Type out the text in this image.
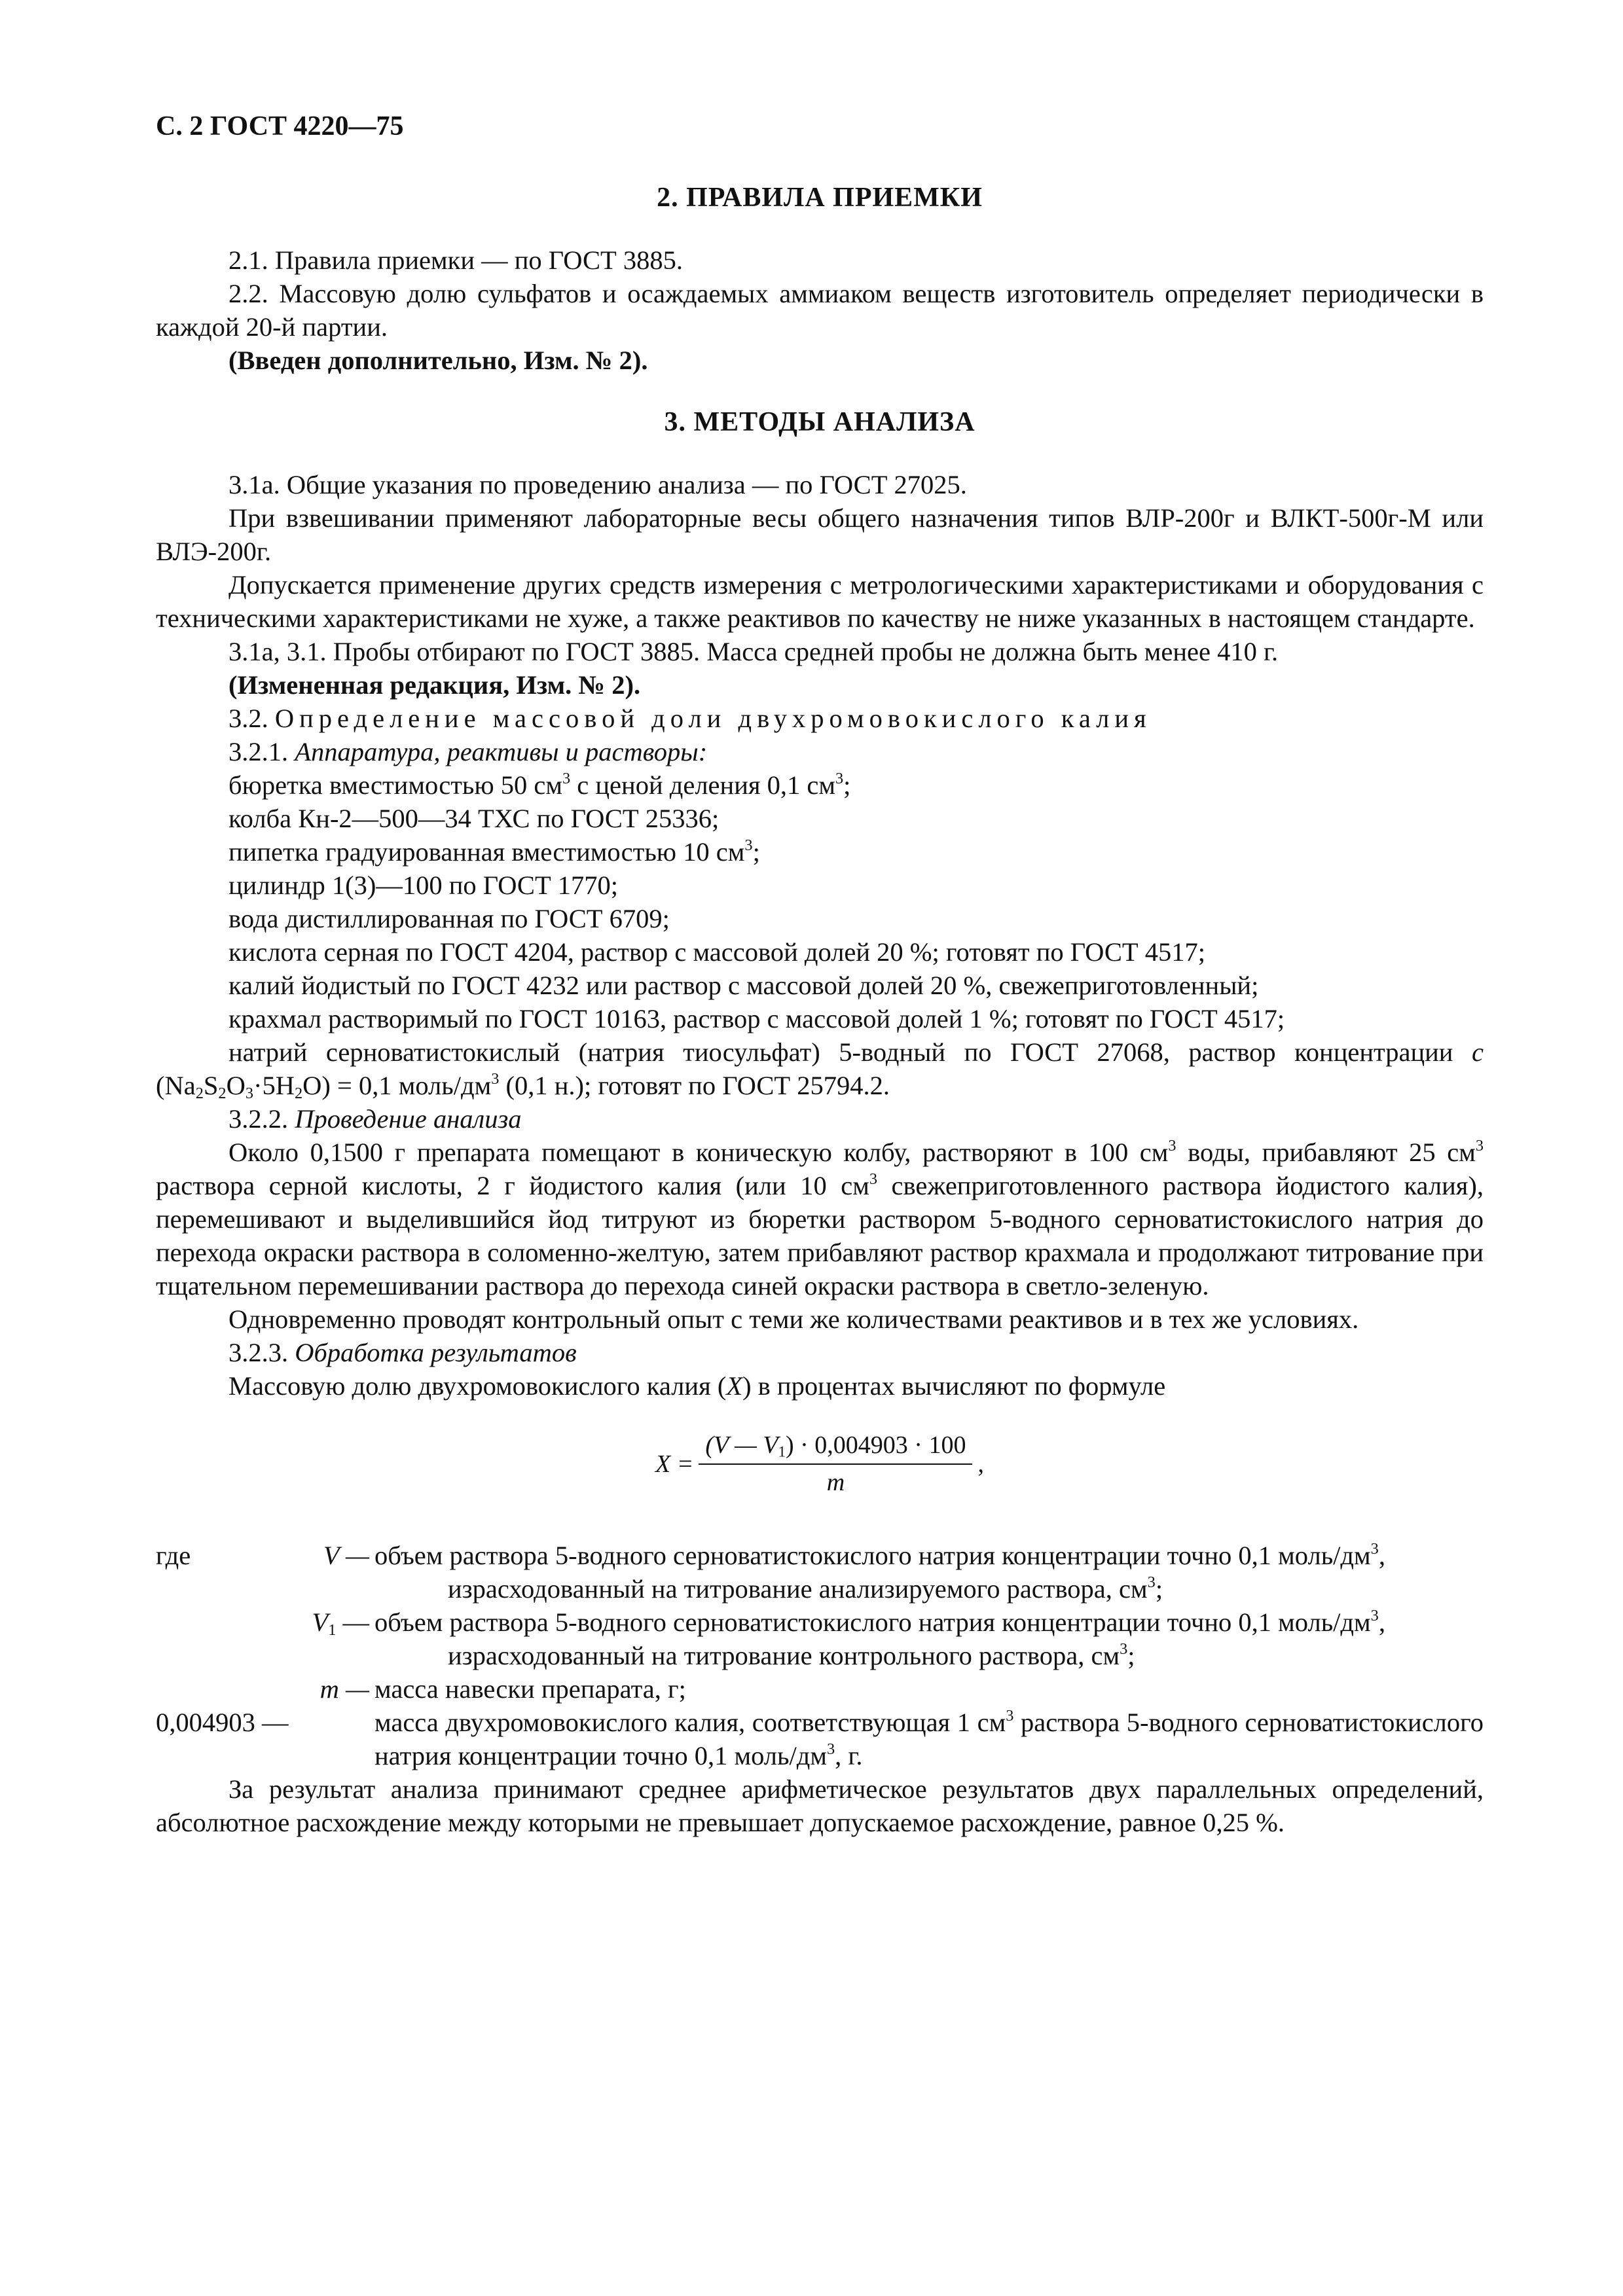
С. 2 ГОСТ 4220—75
2. ПРАВИЛА ПРИЕМКИ

2.1. Правила приемки — по ГОСТ 3885.

2.2. Массовую долю сульфатов и осаждаемых аммиаком веществ изготовитель определяет периодически в каждой 20-й партии.

(Введен дополнительно, Изм. № 2).

3. МЕТОДЫ АНАЛИЗА

3.1а. Общие указания по проведению анализа — по ГОСТ 27025.

При взвешивании применяют лабораторные весы общего назначения типов ВЛР-200г и ВЛКТ-500г-М или ВЛЭ-200г.

Допускается применение других средств измерения с метрологическими характеристиками и оборудования с техническими характеристиками не хуже, а также реактивов по качеству не ниже указанных в настоящем стандарте.

3.1а, 3.1. Пробы отбирают по ГОСТ 3885. Масса средней пробы не должна быть менее 410 г.

(Измененная редакция, Изм. № 2).

3.2. Определение массовой доли двухромовокислого калия

3.2.1. Аппаратура, реактивы и растворы:

бюретка вместимостью 50 $см^3$ с ценой деления 0,1 $см^3$;

колба Кн-2—500—34 ТХС по ГОСТ 25336;

пипетка градуированная вместимостью 10 $см^3$;

цилиндр 1(3)—100 по ГОСТ 1770;

вода дистиллированная по ГОСТ 6709;

кислота серная по ГОСТ 4204, раствор с массовой долей 20 %; готовят по ГОСТ 4517;

калий йодистый по ГОСТ 4232 или раствор с массовой долей 20 %, свежеприготовленный;

крахмал растворимый по ГОСТ 10163, раствор с массовой долей 1 %; готовят по ГОСТ 4517;

натрий серноватистокислый (натрия тиосульфат) 5-водный по ГОСТ 27068, раствор концентрации c $(Na_2S_2O_3\cdot 5H_2O) = 0,1$ моль/$дм^3$ (0,1 н.); готовят по ГОСТ 25794.2.

3.2.2. Проведение анализа

Около 0,1500 г препарата помещают в коническую колбу, растворяют в 100 $см^3$ воды, прибавляют 25 $см^3$ раствора серной кислоты, 2 г йодистого калия (или 10 $см^3$ свежеприготовленного раствора йодистого калия), перемешивают и выделившийся йод титруют из бюретки раствором 5-водного серноватистокислого натрия до перехода окраски раствора в соломенно-желтую, затем прибавляют раствор крахмала и продолжают титрование при тщательном перемешивании раствора до перехода синей окраски раствора в светло-зеленую.

Одновременно проводят контрольный опыт с теми же количествами реактивов и в тех же условиях.

3.2.3. Обработка результатов

Массовую долю двухромовокислого калия (X) в процентах вычисляют по формуле

$X = \frac{(V — V_1) \cdot 0,004903 \cdot 100}{m}$ ,
где	V — объем раствора 5-водного серноватистокислого натрия концентрации точно 0,1 моль/$дм^3$,
израсходованный на титрование анализируемого раствора, $см^3$;
$V_1$ — объем раствора 5-водного серноватистокислого натрия концентрации точно 0,1 моль/$дм^3$,
израсходованный на титрование контрольного раствора, $см^3$;
m — масса навески препарата, г;
0,004903 —	масса двухромовокислого калия, соответствующая 1 $см^3$ раствора 5-водного серноватистокислого натрия концентрации точно 0,1 моль/$дм^3$, г.

За результат анализа принимают среднее арифметическое результатов двух параллельных определений, абсолютное расхождение между которыми не превышает допускаемое расхождение, равное 0,25 %.
